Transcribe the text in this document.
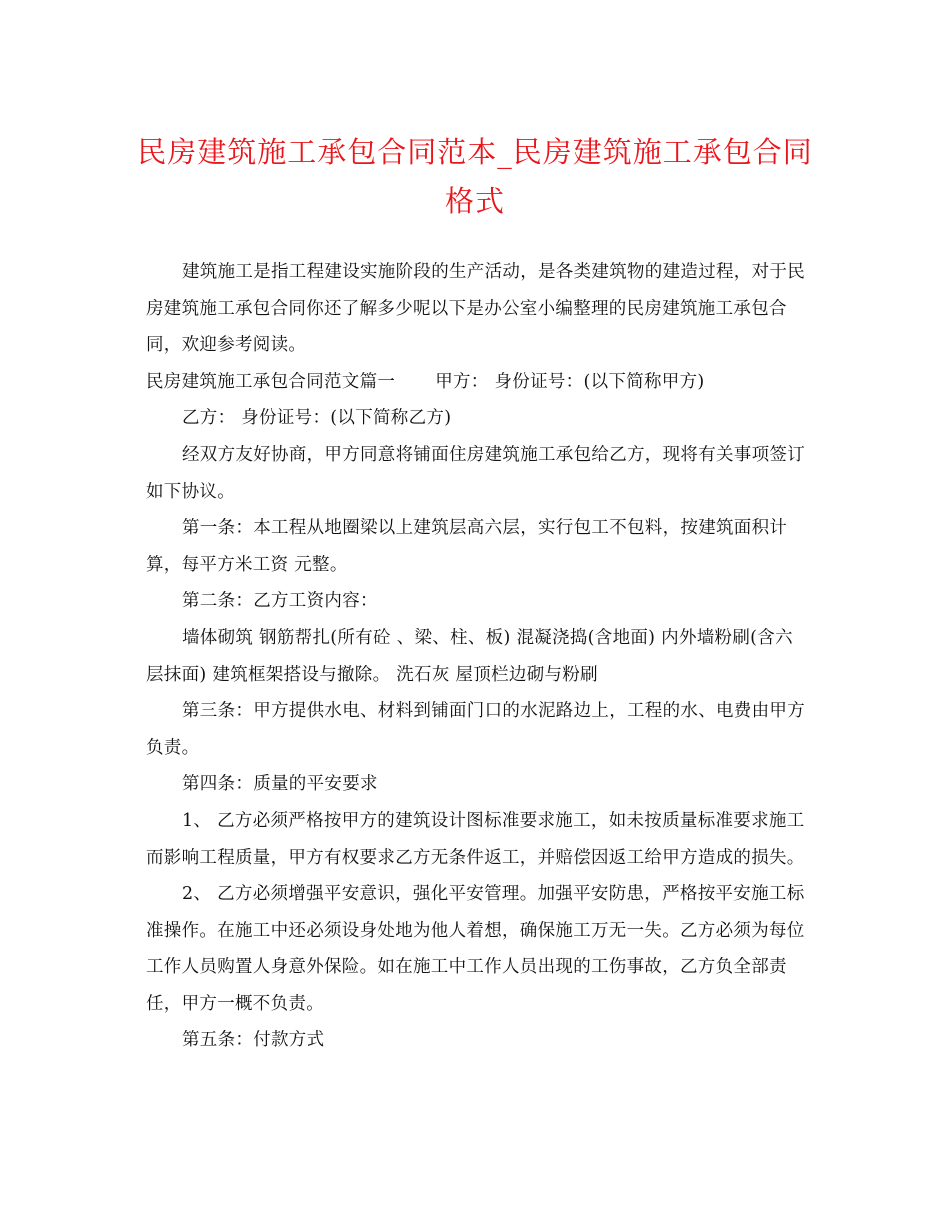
民房建筑施工承包合同范本_民房建筑施工承包合同格式

建筑施工是指工程建设实施阶段的生产活动，是各类建筑物的建造过程，对于民房建筑施工承包合同你还了解多少呢以下是办公室小编整理的民房建筑施工承包合同，欢迎参考阅读。

民房建筑施工承包合同范文篇一 甲方： 身份证号：(以下简称甲方)

乙方： 身份证号：(以下简称乙方)

经双方友好协商，甲方同意将铺面住房建筑施工承包给乙方，现将有关事项签订如下协议。

第一条：本工程从地圈梁以上建筑层高六层，实行包工不包料，按建筑面积计算，每平方米工资 元整。

第二条：乙方工资内容：

墙体砌筑 钢筋帮扎(所有砼 、梁、柱、板) 混凝浇捣(含地面) 内外墙粉刷(含六层抹面) 建筑框架搭设与撤除。 洗石灰 屋顶栏边砌与粉刷

第三条：甲方提供水电、材料到铺面门口的水泥路边上，工程的水、电费由甲方负责。

第四条：质量的平安要求

1、 乙方必须严格按甲方的建筑设计图标准要求施工，如未按质量标准要求施工而影响工程质量，甲方有权要求乙方无条件返工，并赔偿因返工给甲方造成的损失。

2、 乙方必须增强平安意识，强化平安管理。加强平安防患，严格按平安施工标准操作。在施工中还必须设身处地为他人着想，确保施工万无一失。乙方必须为每位工作人员购置人身意外保险。如在施工中工作人员出现的工伤事故，乙方负全部责任，甲方一概不负责。

第五条：付款方式
